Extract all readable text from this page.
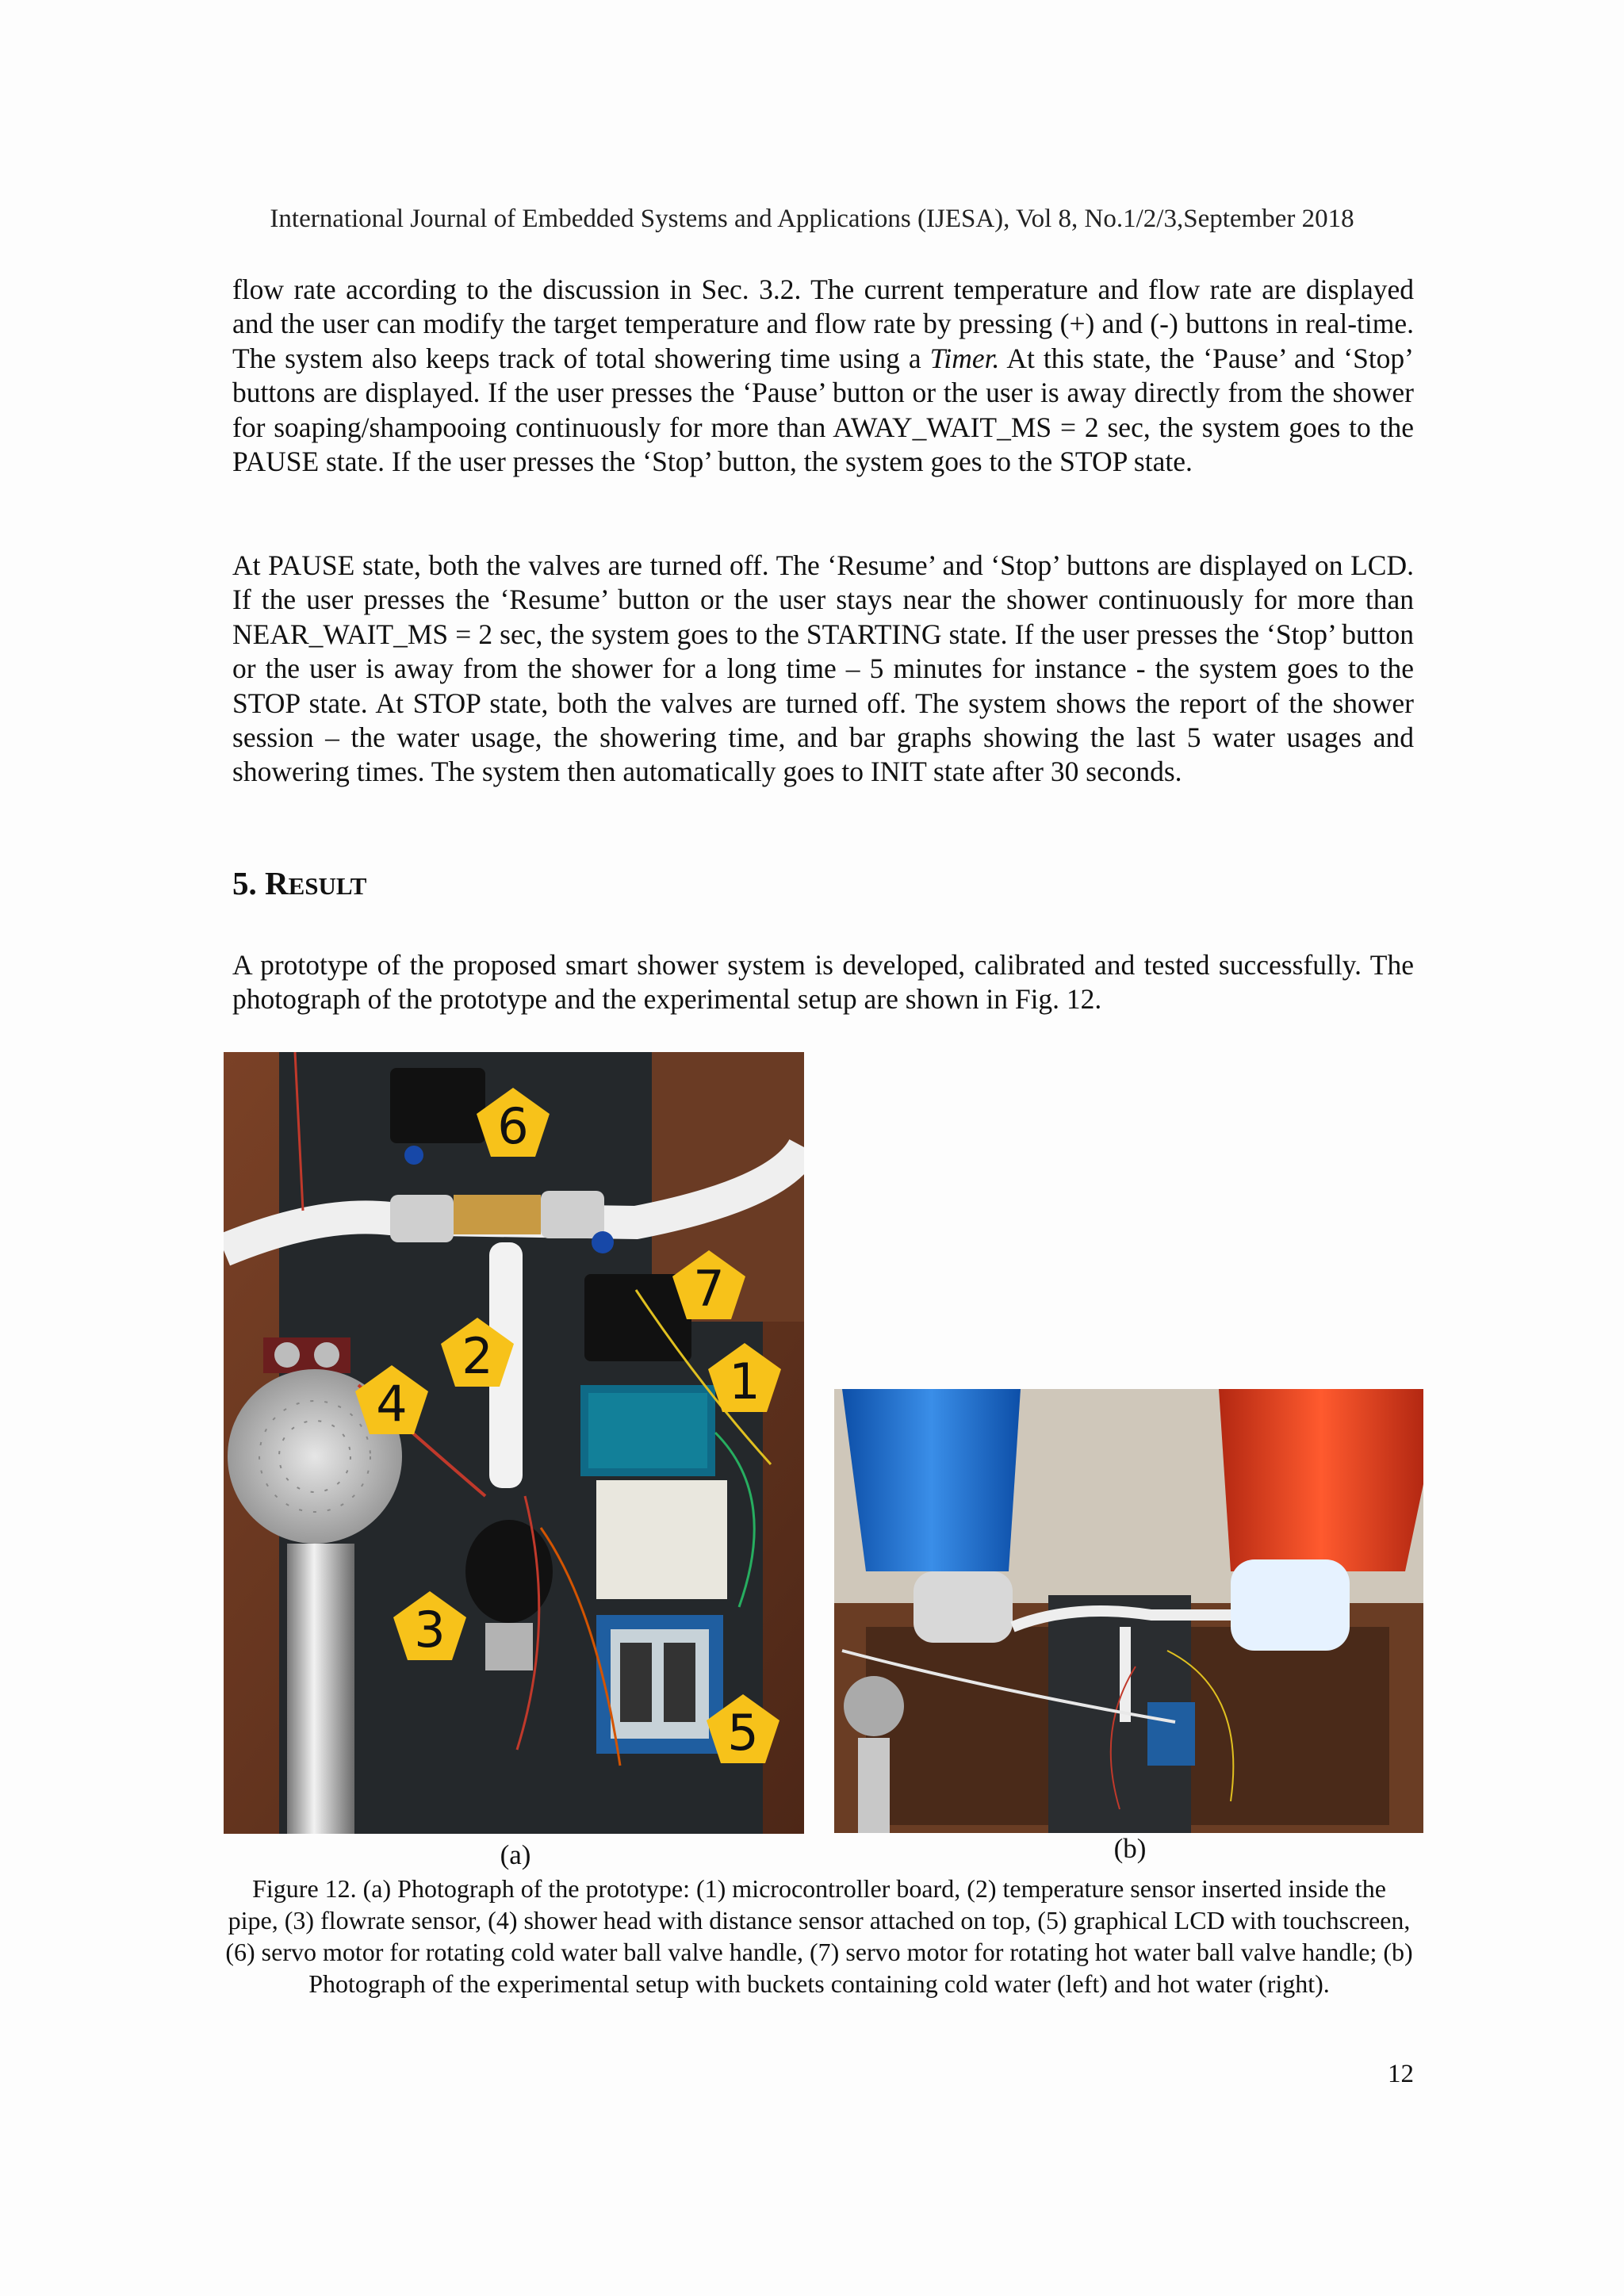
International Journal of Embedded Systems and Applications (IJESA), Vol 8, No.1/2/3,September 2018

flow rate according to the discussion in Sec. 3.2. The current temperature and flow rate are displayed and the user can modify the target temperature and flow rate by pressing (+) and (-) buttons in real-time. The system also keeps track of total showering time using a Timer. At this state, the ‘Pause’ and ‘Stop’ buttons are displayed. If the user presses the ‘Pause’ button or the user is away directly from the shower for soaping/shampooing continuously for more than AWAY_WAIT_MS = 2 sec, the system goes to the PAUSE state. If the user presses the ‘Stop’ button, the system goes to the STOP state.

At PAUSE state, both the valves are turned off. The ‘Resume’ and ‘Stop’ buttons are displayed on LCD. If the user presses the ‘Resume’ button or the user stays near the shower continuously for more than NEAR_WAIT_MS = 2 sec, the system goes to the STARTING state. If the user presses the ‘Stop’ button or the user is away from the shower for a long time – 5 minutes for instance - the system goes to the STOP state. At STOP state, both the valves are turned off. The system shows the report of the shower session – the water usage, the showering time, and bar graphs showing the last 5 water usages and showering times. The system then automatically goes to INIT state after 30 seconds.

5. RESULT

A prototype of the proposed smart shower system is developed, calibrated and tested successfully. The photograph of the prototype and the experimental setup are shown in Fig. 12.

6
7
2	1
4
3
5
(a)	(b)
Figure 12. (a) Photograph of the prototype: (1) microcontroller board, (2) temperature sensor inserted inside the pipe, (3) flowrate sensor, (4) shower head with distance sensor attached on top, (5) graphical LCD with touchscreen, (6) servo motor for rotating cold water ball valve handle, (7) servo motor for rotating hot water ball valve handle; (b) Photograph of the experimental setup with buckets containing cold water (left) and hot water (right).
12
